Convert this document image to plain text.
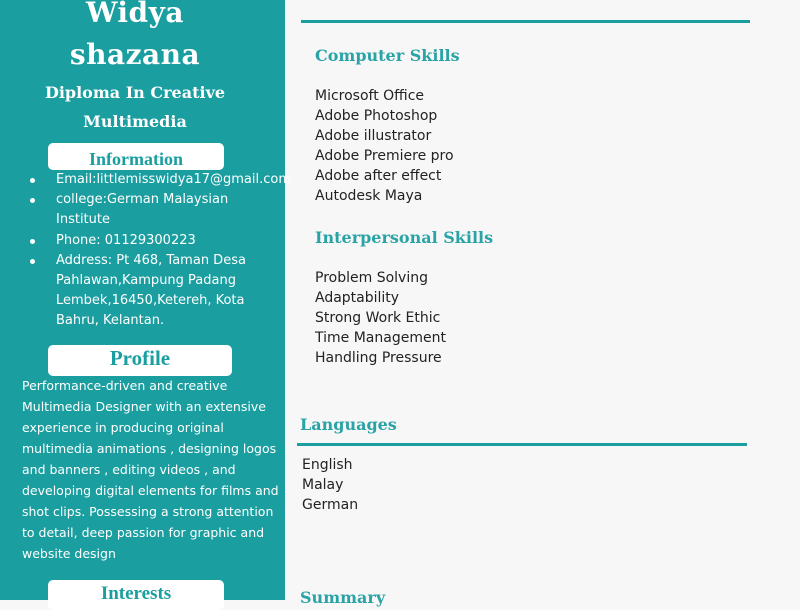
Widya
shazana
Diploma In Creative
Multimedia
Information
Email:littlemisswidya17@gmail.com
college:German Malaysian Institute
Phone: 01129300223
Address: Pt 468, Taman Desa Pahlawan,Kampung Padang Lembek,16450,Ketereh, Kota Bahru, Kelantan.
Profile
Performance-driven and creative Multimedia Designer with an extensive experience in producing original multimedia animations , designing logos and banners , editing videos , and developing digital elements for films and shot clips. Possessing a strong attention to detail, deep passion for graphic and website design
Interests
Computer Skills
Microsoft Office
Adobe Photoshop
Adobe illustrator
Adobe Premiere pro
Adobe after effect
Autodesk Maya
Interpersonal Skills
Problem Solving
Adaptability
Strong Work Ethic
Time Management
Handling Pressure
Languages
English
Malay
German
Summary
